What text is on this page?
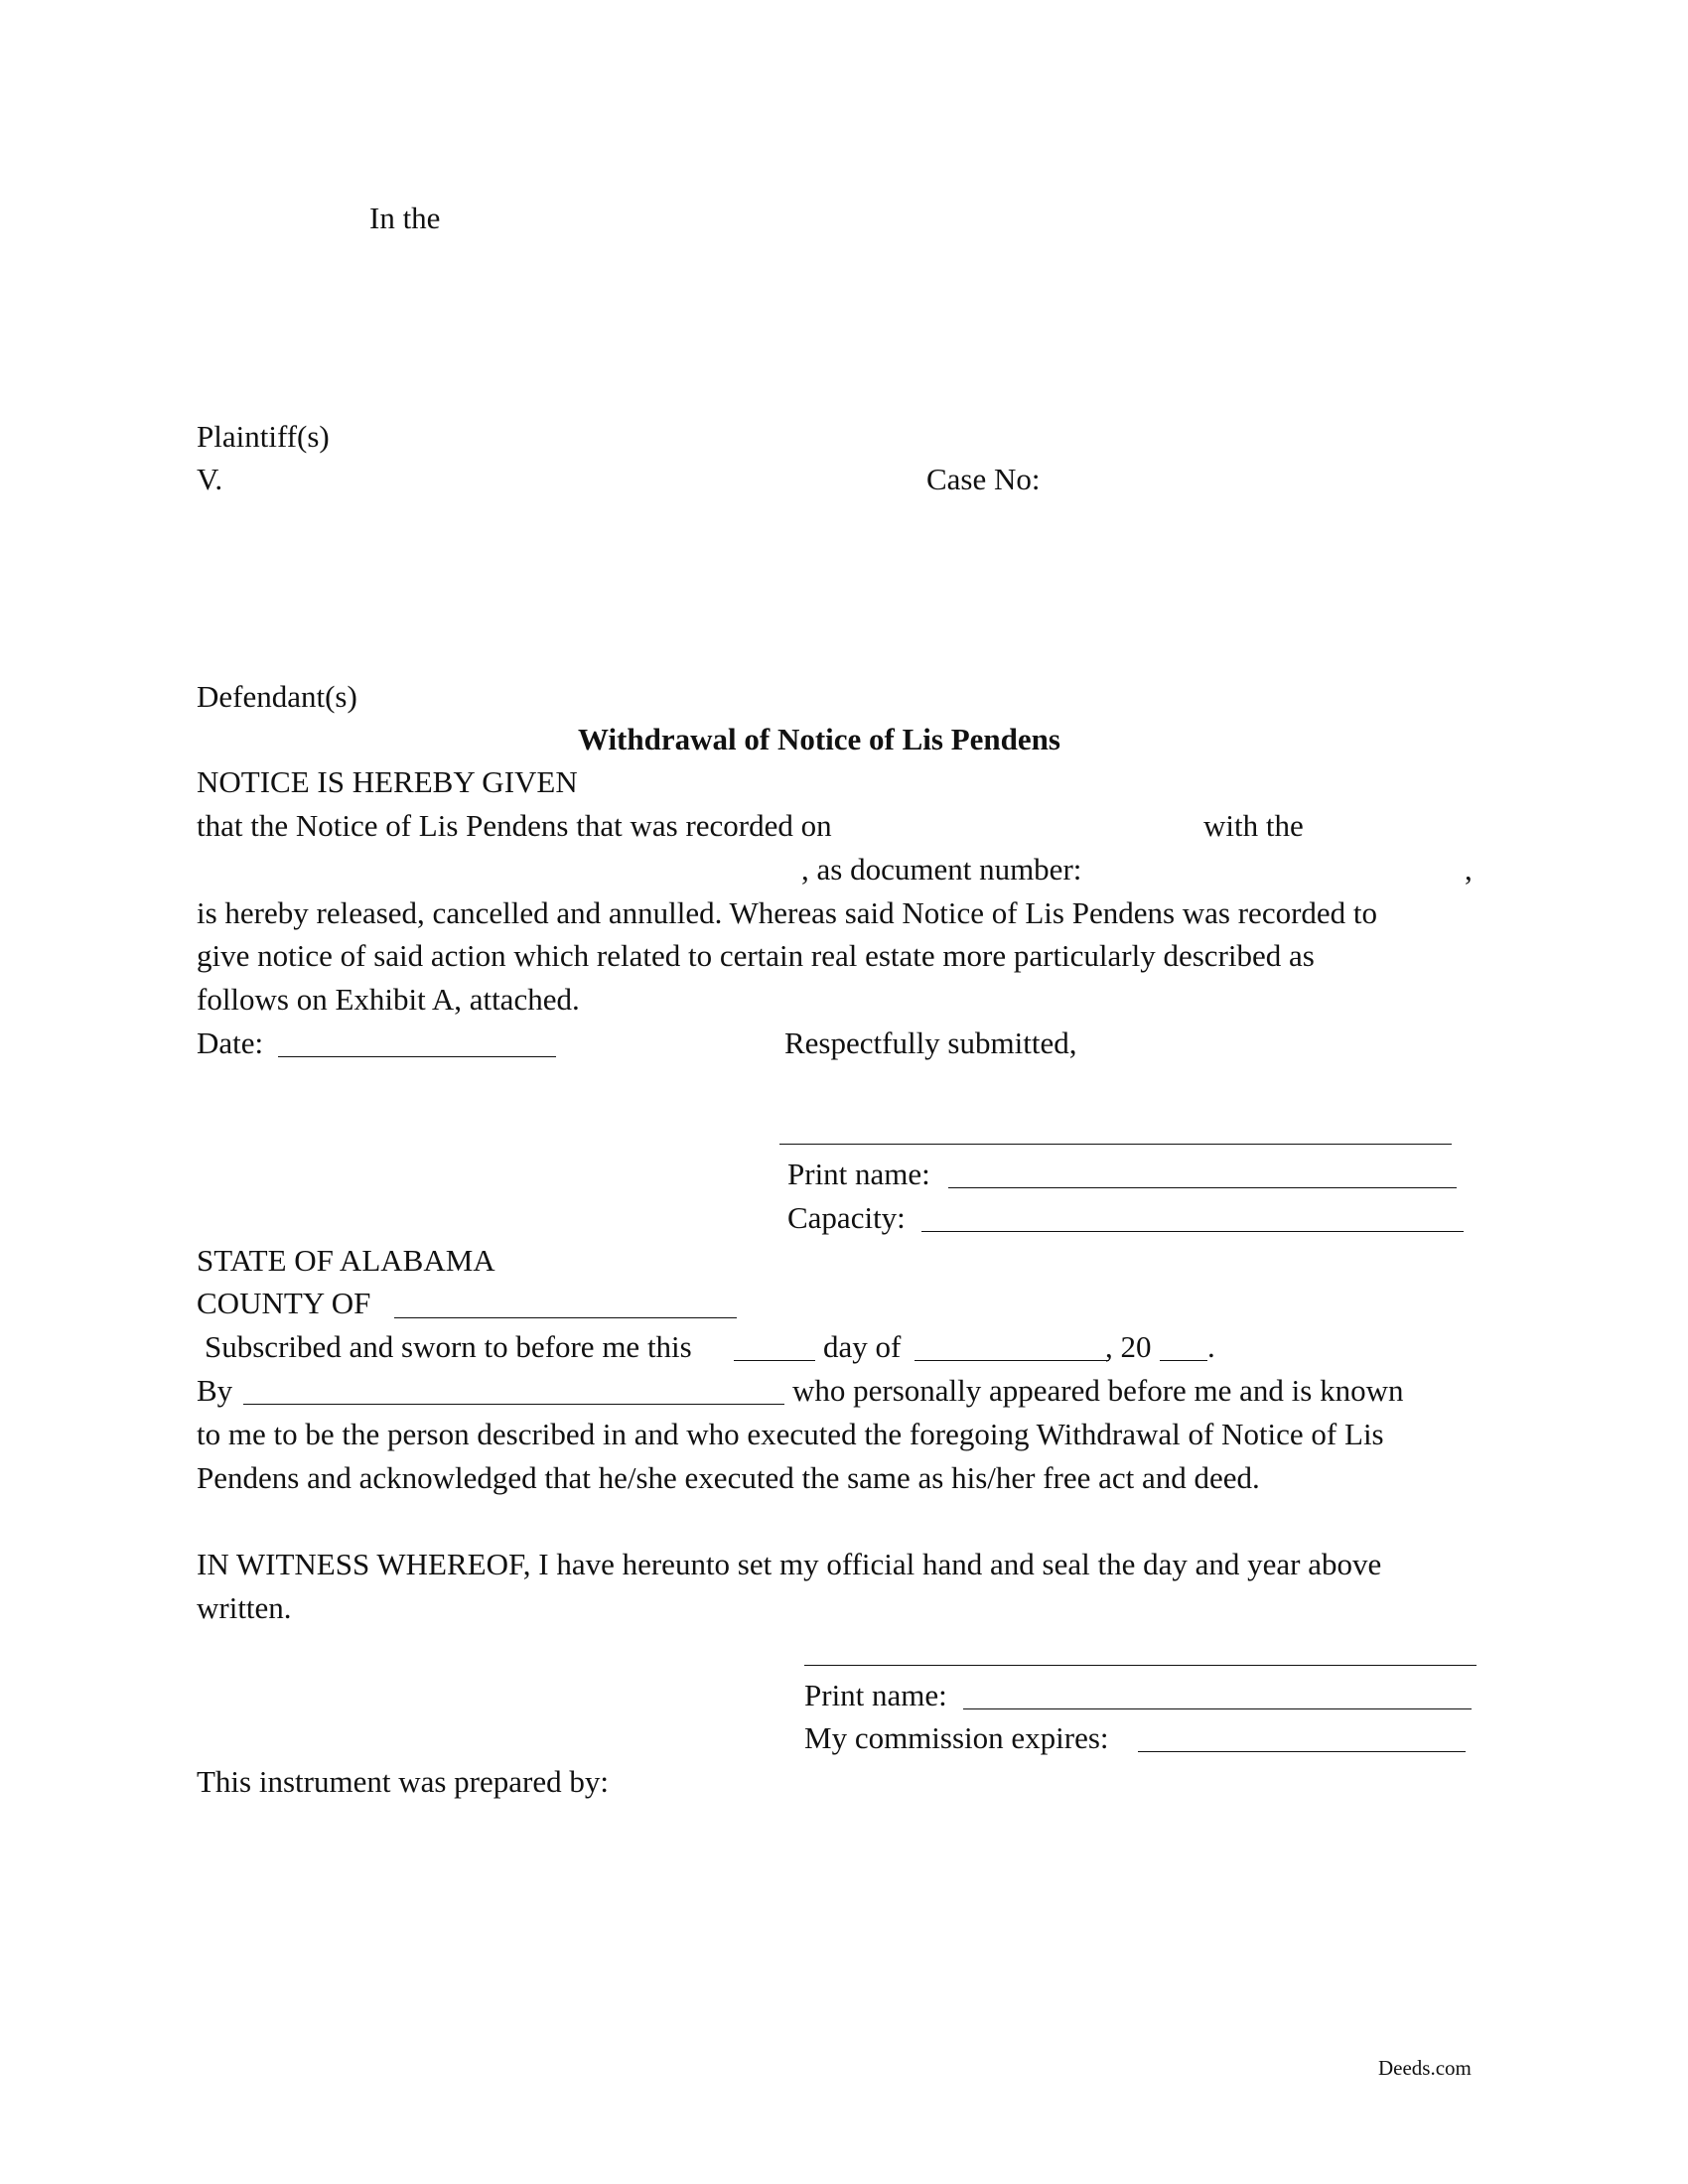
In the
Plaintiff(s)
V.	Case No:
Defendant(s)
Withdrawal of Notice of Lis Pendens
NOTICE IS HEREBY GIVEN
that the Notice of Lis Pendens that was recorded on	with the
, as document number:	,
is hereby released, cancelled and annulled. Whereas said Notice of Lis Pendens was recorded to
give notice of said action which related to certain real estate more particularly described as
follows on Exhibit A, attached.
Date:	Respectfully submitted,
Print name:
Capacity:
STATE OF ALABAMA
COUNTY OF
Subscribed and sworn to before me this	day of	, 20 .
By	who personally appeared before me and is known
to me to be the person described in and who executed the foregoing Withdrawal of Notice of Lis
Pendens and acknowledged that he/she executed the same as his/her free act and deed.
IN WITNESS WHEREOF, I have hereunto set my official hand and seal the day and year above
written.
Print name:
My commission expires:
This instrument was prepared by:
Deeds.com
